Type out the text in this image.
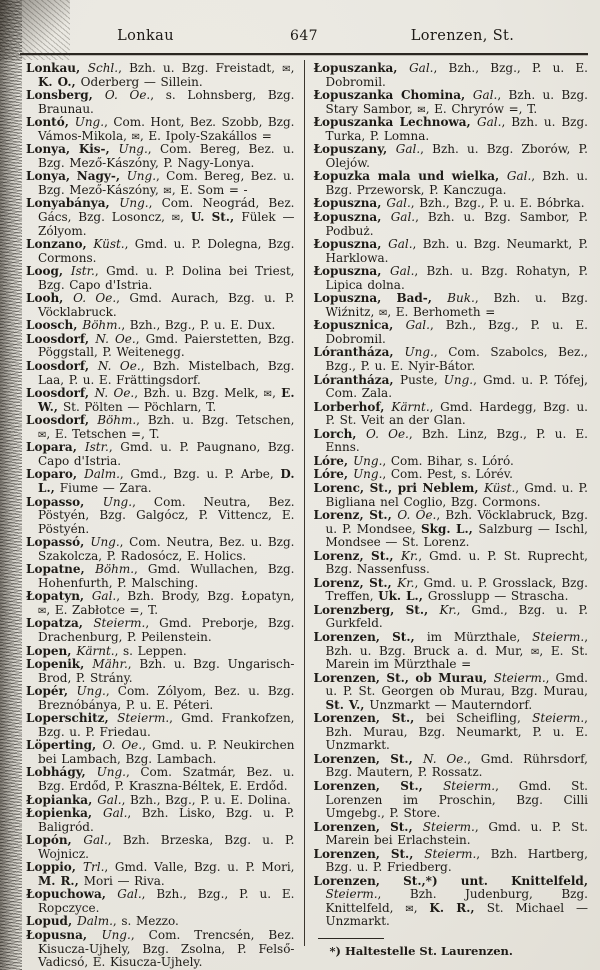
Lonkau	647	Lorenzen, St.

Lonkau, Schl., Bzh. u. Bzg. Freistadt, ✉, K. O., Oderberg — Sillein.

Lonsberg, O. Oe., s. Lohnsberg, Bzg. Braunau.

Lontó, Ung., Com. Hont, Bez. Szobb, Bzg. Vámos-Mikola, ✉, E. Ipoly-Szakállos =

Lonya, Kis-, Ung., Com. Bereg, Bez. u. Bzg. Mező-Kászóny, P. Nagy-Lonya.

Lonya, Nagy-, Ung., Com. Bereg, Bez. u. Bzg. Mező-Kászóny, ✉, E. Som = -

Lonyabánya, Ung., Com. Neográd, Bez. Gács, Bzg. Losoncz, ✉, U. St., Fülek — Zólyom.

Lonzano, Küst., Gmd. u. P. Dolegna, Bzg. Cormons.

Loog, Istr., Gmd. u. P. Dolina bei Triest, Bzg. Capo d'Istria.

Looh, O. Oe., Gmd. Aurach, Bzg. u. P. Vöcklabruck.

Loosch, Böhm., Bzh., Bzg., P. u. E. Dux.

Loosdorf, N. Oe., Gmd. Paierstetten, Bzg. Pöggstall, P. Weitenegg.

Loosdorf, N. Oe., Bzh. Mistelbach, Bzg. Laa, P. u. E. Frättingsdorf.

Loosdorf, N. Oe., Bzh. u. Bzg. Melk, ✉, E. W., St. Pölten — Pöchlarn, T.

Loosdorf, Böhm., Bzh. u. Bzg. Tetschen, ✉, E. Tetschen =, T.

Lopara, Istr., Gmd. u. P. Paugnano, Bzg. Capo d'Istria.

Loparo, Dalm., Gmd., Bzg. u. P. Arbe, D. L., Fiume — Zara.

Lopasso, Ung., Com. Neutra, Bez. Pöstyén, Bzg. Galgócz, P. Vittencz, E. Pöstyén.

Lopassó, Ung., Com. Neutra, Bez. u. Bzg. Szakolcza, P. Radosócz, E. Holics.

Lopatne, Böhm., Gmd. Wullachen, Bzg. Hohenfurth, P. Malsching.

Łopatyn, Gal., Bzh. Brody, Bzg. Łopatyn, ✉, E. Zabłotce =, T.

Lopatza, Steierm., Gmd. Preborje, Bzg. Drachenburg, P. Peilenstein.

Lopen, Kärnt., s. Leppen.

Lopenik, Mähr., Bzh. u. Bzg. Ungarisch-Brod, P. Strány.

Lopér, Ung., Com. Zólyom, Bez. u. Bzg. Breznóbánya, P. u. E. Péteri.

Loperschitz, Steierm., Gmd. Frankofzen, Bzg. u. P. Friedau.

Löperting, O. Oe., Gmd. u. P. Neukirchen bei Lambach, Bzg. Lambach.

Lobhágy, Ung., Com. Szatmár, Bez. u. Bzg. Erdőd, P. Kraszna-Béltek, E. Erdőd.

Łopianka, Gal., Bzh., Bzg., P. u. E. Dolina.

Łopienka, Gal., Bzh. Lisko, Bzg. u. P. Baligród.

Lopón, Gal., Bzh. Brzeska, Bzg. u. P. Wojnicz.

Loppio, Trl., Gmd. Valle, Bzg. u. P. Mori, M. R., Mori — Riva.

Łopuchowa, Gal., Bzh., Bzg., P. u. E. Ropczyce.

Lopud, Dalm., s. Mezzo.

Łopusna, Ung., Com. Trencsén, Bez. Kisucza-Ujhely, Bzg. Zsolna, P. Felső-Vadicsó, E. Kisucza-Ujhely.

Łopuszanka, Gal., Bzh., Bzg., P. u. E. Dobromil.

Łopuszanka Chomina, Gal., Bzh. u. Bzg. Stary Sambor, ✉, E. Chryrów =, T.

Łopuszanka Lechnowa, Gal., Bzh. u. Bzg. Turka, P. Lomna.

Łopuszany, Gal., Bzh. u. Bzg. Zborów, P. Olejów.

Łopuzka mala und wielka, Gal., Bzh. u. Bzg. Przeworsk, P. Kanczuga.

Łopuszna, Gal., Bzh., Bzg., P. u. E. Bóbrka.

Łopuszna, Gal., Bzh. u. Bzg. Sambor, P. Podbuż.

Łopuszna, Gal., Bzh. u. Bzg. Neumarkt, P. Harklowa.

Łopuszna, Gal., Bzh. u. Bzg. Rohatyn, P. Lipica dolna.

Lopuszna, Bad-, Buk., Bzh. u. Bzg. Wiźnitz, ✉, E. Berhometh =

Łopusznica, Gal., Bzh., Bzg., P. u. E. Dobromil.

Lórantháza, Ung., Com. Szabolcs, Bez., Bzg., P. u. E. Nyir-Bátor.

Lórantháza, Puste, Ung., Gmd. u. P. Tófej, Com. Zala.

Lorberhof, Kärnt., Gmd. Hardegg, Bzg. u. P. St. Veit an der Glan.

Lorch, O. Oe., Bzh. Linz, Bzg., P. u. E. Enns.

Lóre, Ung., Com. Bihar, s. Lóró.

Lóre, Ung., Com. Pest, s. Lórév.

Lorenc, St., pri Neblem, Küst., Gmd. u. P. Bigliana nel Coglio, Bzg. Cormons.

Lorenz, St., O. Oe., Bzh. Vöcklabruck, Bzg. u. P. Mondsee, Skg. L., Salzburg — Ischl, Mondsee — St. Lorenz.

Lorenz, St., Kr., Gmd. u. P. St. Ruprecht, Bzg. Nassenfuss.

Lorenz, St., Kr., Gmd. u. P. Grosslack, Bzg. Treffen, Uk. L., Grosslupp — Strascha.

Lorenzberg, St., Kr., Gmd., Bzg. u. P. Gurkfeld.

Lorenzen, St., im Mürzthale, Steierm., Bzh. u. Bzg. Bruck a. d. Mur, ✉, E. St. Marein im Mürzthale =

Lorenzen, St., ob Murau, Steierm., Gmd. u. P. St. Georgen ob Murau, Bzg. Murau, St. V., Unzmarkt — Mauterndorf.

Lorenzen, St., bei Scheifling, Steierm., Bzh. Murau, Bzg. Neumarkt, P. u. E. Unzmarkt.

Lorenzen, St., N. Oe., Gmd. Rührsdorf, Bzg. Mautern, P. Rossatz.

Lorenzen, St., Steierm., Gmd. St. Lorenzen im Proschin, Bzg. Cilli Umgebg., P. Store.

Lorenzen, St., Steierm., Gmd. u. P. St. Marein bei Erlachstein.

Lorenzen, St., Steierm., Bzh. Hartberg, Bzg. u. P. Friedberg.

Lorenzen, St.,*) unt. Knittelfeld, Steierm., Bzh. Judenburg, Bzg. Knittelfeld, ✉, K. R., St. Michael — Unzmarkt.

*) Haltestelle St. Laurenzen.
